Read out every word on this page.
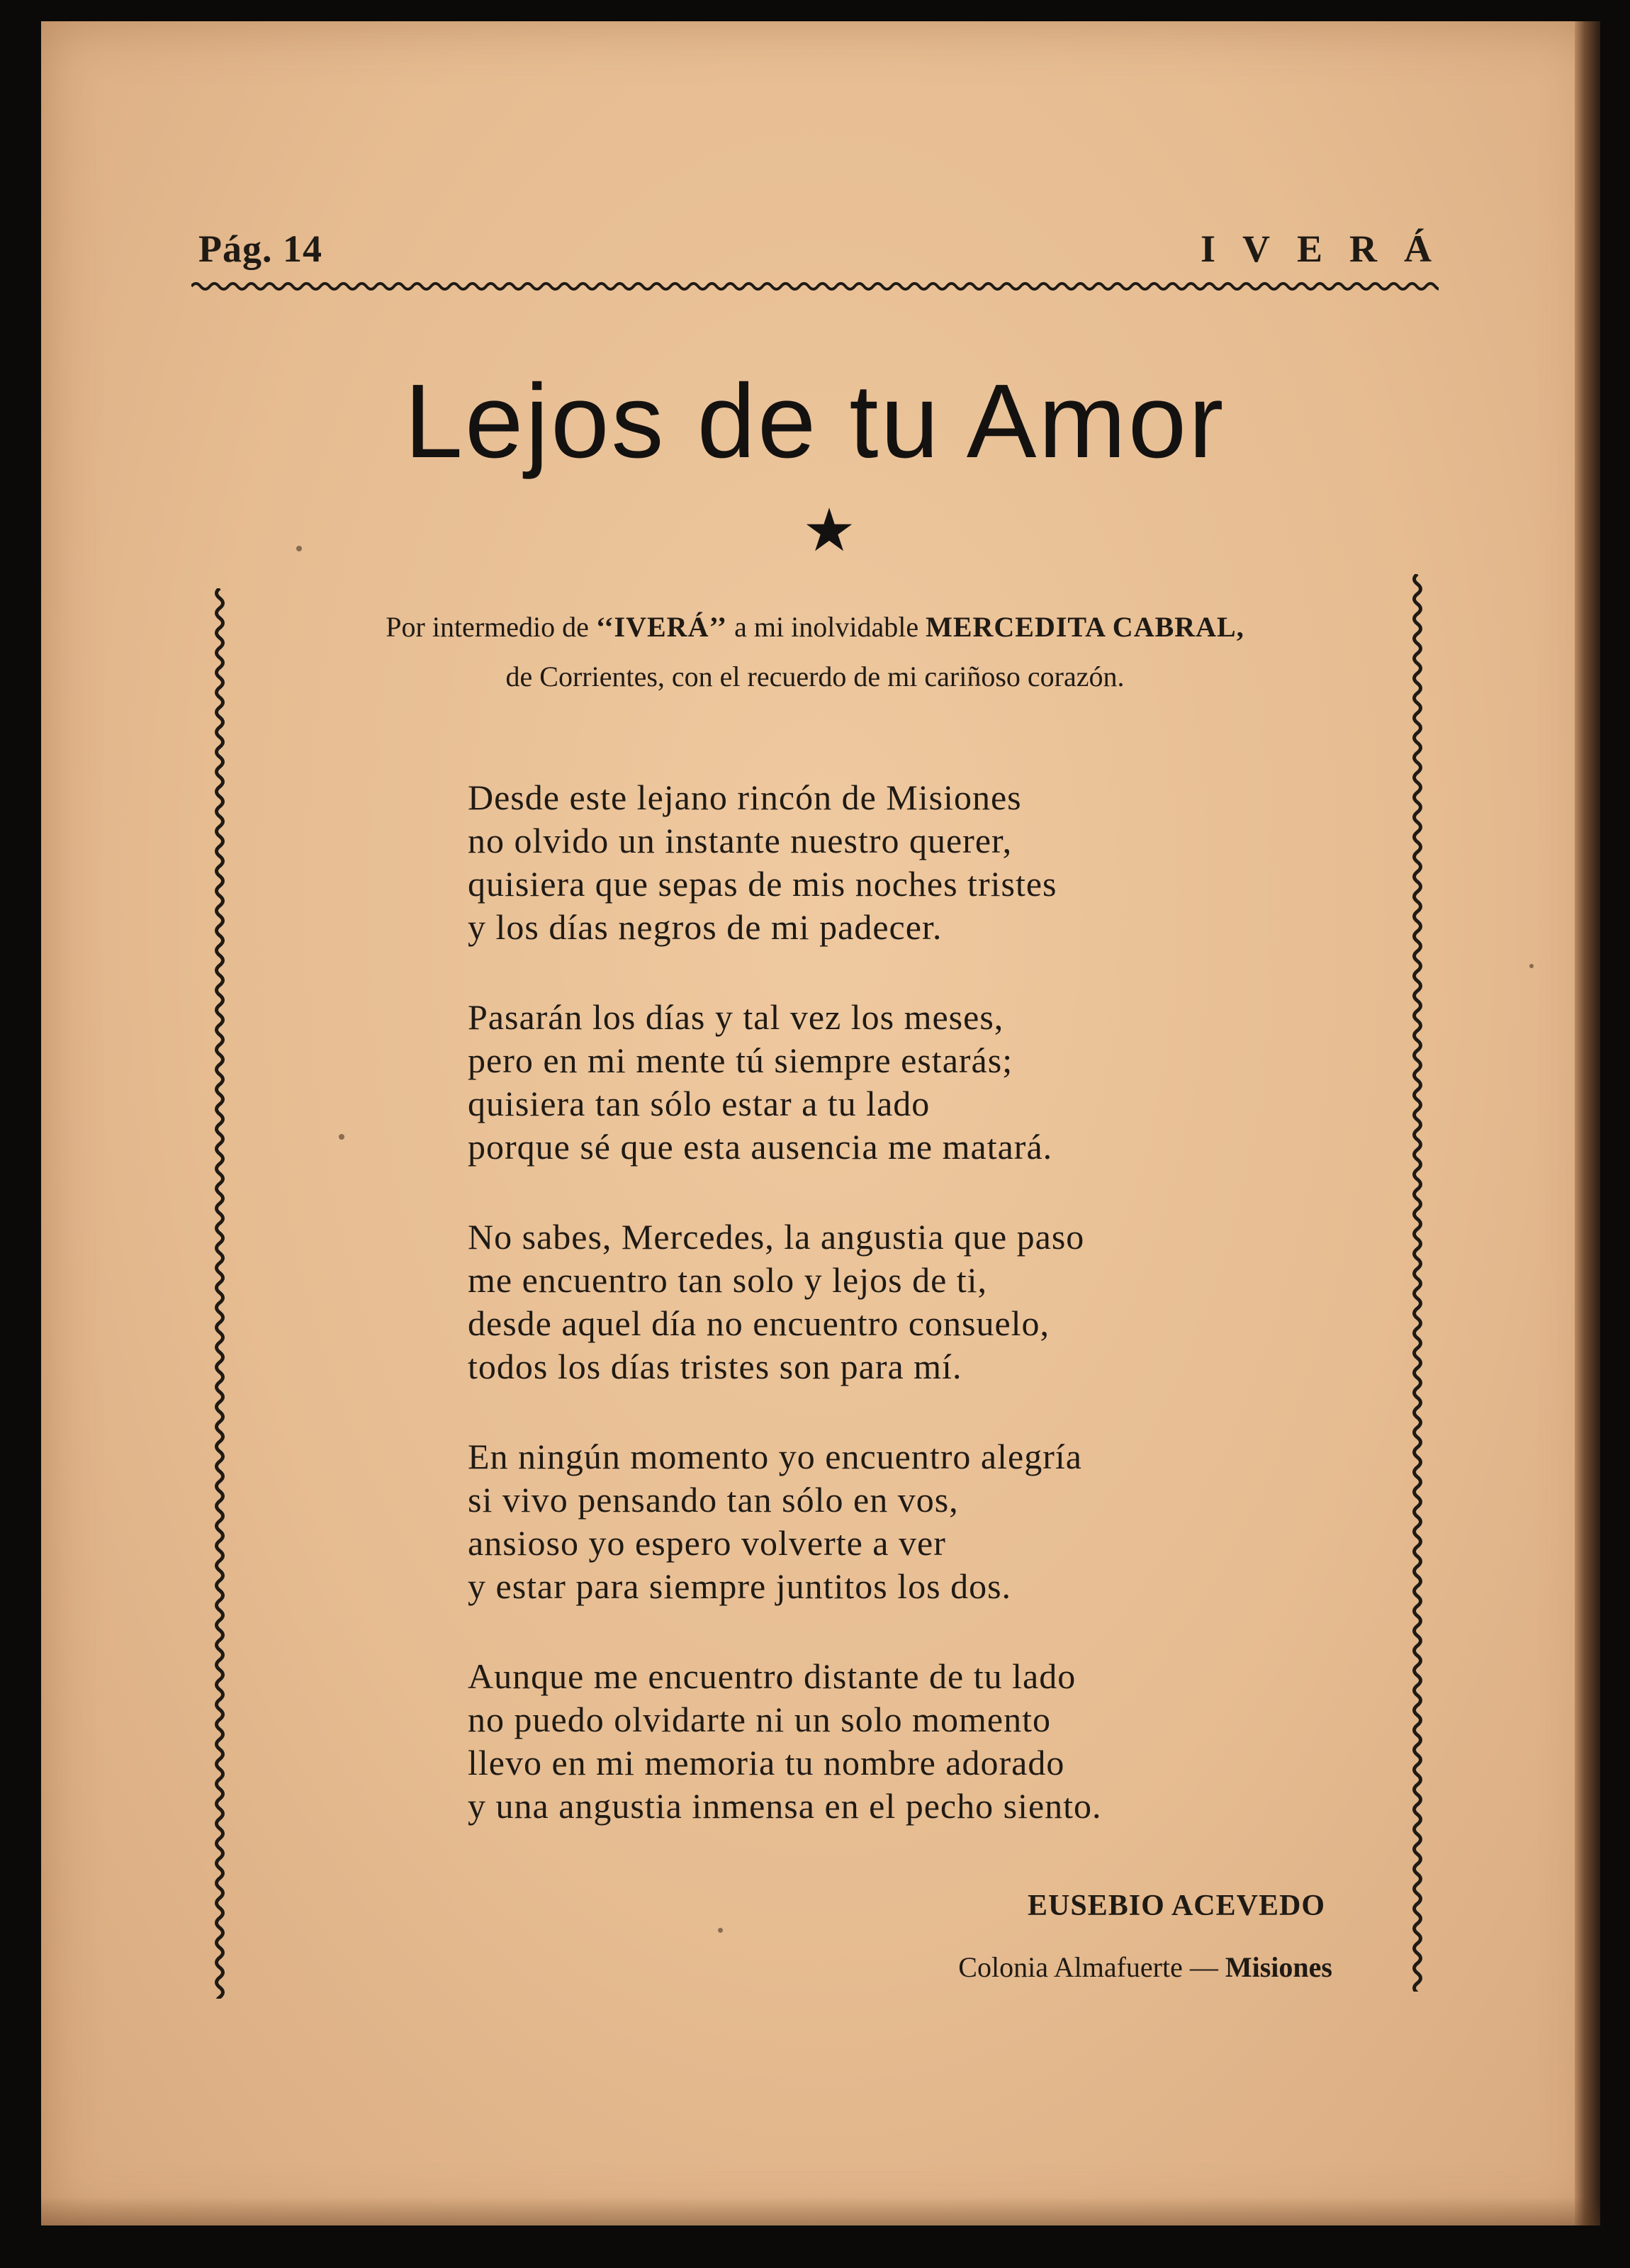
Pág. 14	IVERÁ
Lejos de tu Amor
★
Por intermedio de ‘‘IVERÁ’’ a mi inolvidable MERCEDITA CABRAL,
de Corrientes, con el recuerdo de mi cariñoso corazón.
Desde este lejano rincón de Misiones
no olvido un instante nuestro querer,
quisiera que sepas de mis noches tristes
y los días negros de mi padecer.
Pasarán los días y tal vez los meses,
pero en mi mente tú siempre estarás;
quisiera tan sólo estar a tu lado
porque sé que esta ausencia me matará.
No sabes, Mercedes, la angustia que paso
me encuentro tan solo y lejos de ti,
desde aquel día no encuentro consuelo,
todos los días tristes son para mí.
En ningún momento yo encuentro alegría
si vivo pensando tan sólo en vos,
ansioso yo espero volverte a ver
y estar para siempre juntitos los dos.
Aunque me encuentro distante de tu lado
no puedo olvidarte ni un solo momento
llevo en mi memoria tu nombre adorado
y una angustia inmensa en el pecho siento.
EUSEBIO ACEVEDO
Colonia Almafuerte — Misiones
